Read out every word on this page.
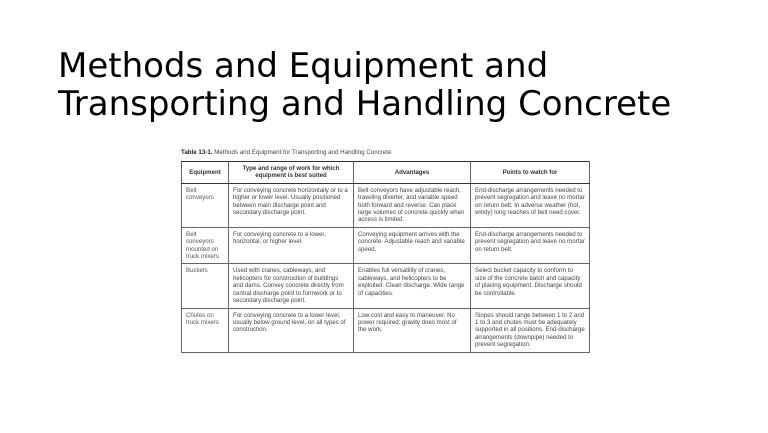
Methods and Equipment and
Transporting and Handling Concrete
Table 13-1. Methods and Equipment for Transporting and Handling Concrete
Equipment	Type and range of work for which equipment is best suited	Advantages	Points to watch for
Belt conveyors	For conveying concrete horizontally or to a higher or lower level. Usually positioned between main discharge point and secondary discharge point.	Belt conveyors have adjustable reach, traveling diverter, and variable speed both forward and reverse. Can place large volumes of concrete quickly when access is limited.	End-discharge arrangements needed to prevent segregation and leave no mortar on return belt. In adverse weather (hot, windy) long reaches of belt need cover.
Belt conveyors mounted on truck mixers	For conveying concrete to a lower, horizontal, or higher level.	Conveying equipment arrives with the concrete. Adjustable reach and variable speed.	End-discharge arrangements needed to prevent segregation and leave no mortar on return belt.
Buckets	Used with cranes, cableways, and helicopters for construction of buildings and dams. Convey concrete directly from central discharge point to formwork or to secondary discharge point.	Enables full versatility of cranes, cableways, and helicopters to be exploited. Clean discharge. Wide range of capacities.	Select bucket capacity to conform to size of the concrete batch and capacity of placing equipment. Discharge should be controllable.
Chutes on truck mixers	For conveying concrete to a lower level, usually below ground level, on all types of construction.	Low cost and easy to maneuver. No power required; gravity does most of the work.	Slopes should range between 1 to 2 and 1 to 3 and chutes must be adequately supported in all positions. End-discharge arrangements (downpipe) needed to prevent segregation.
